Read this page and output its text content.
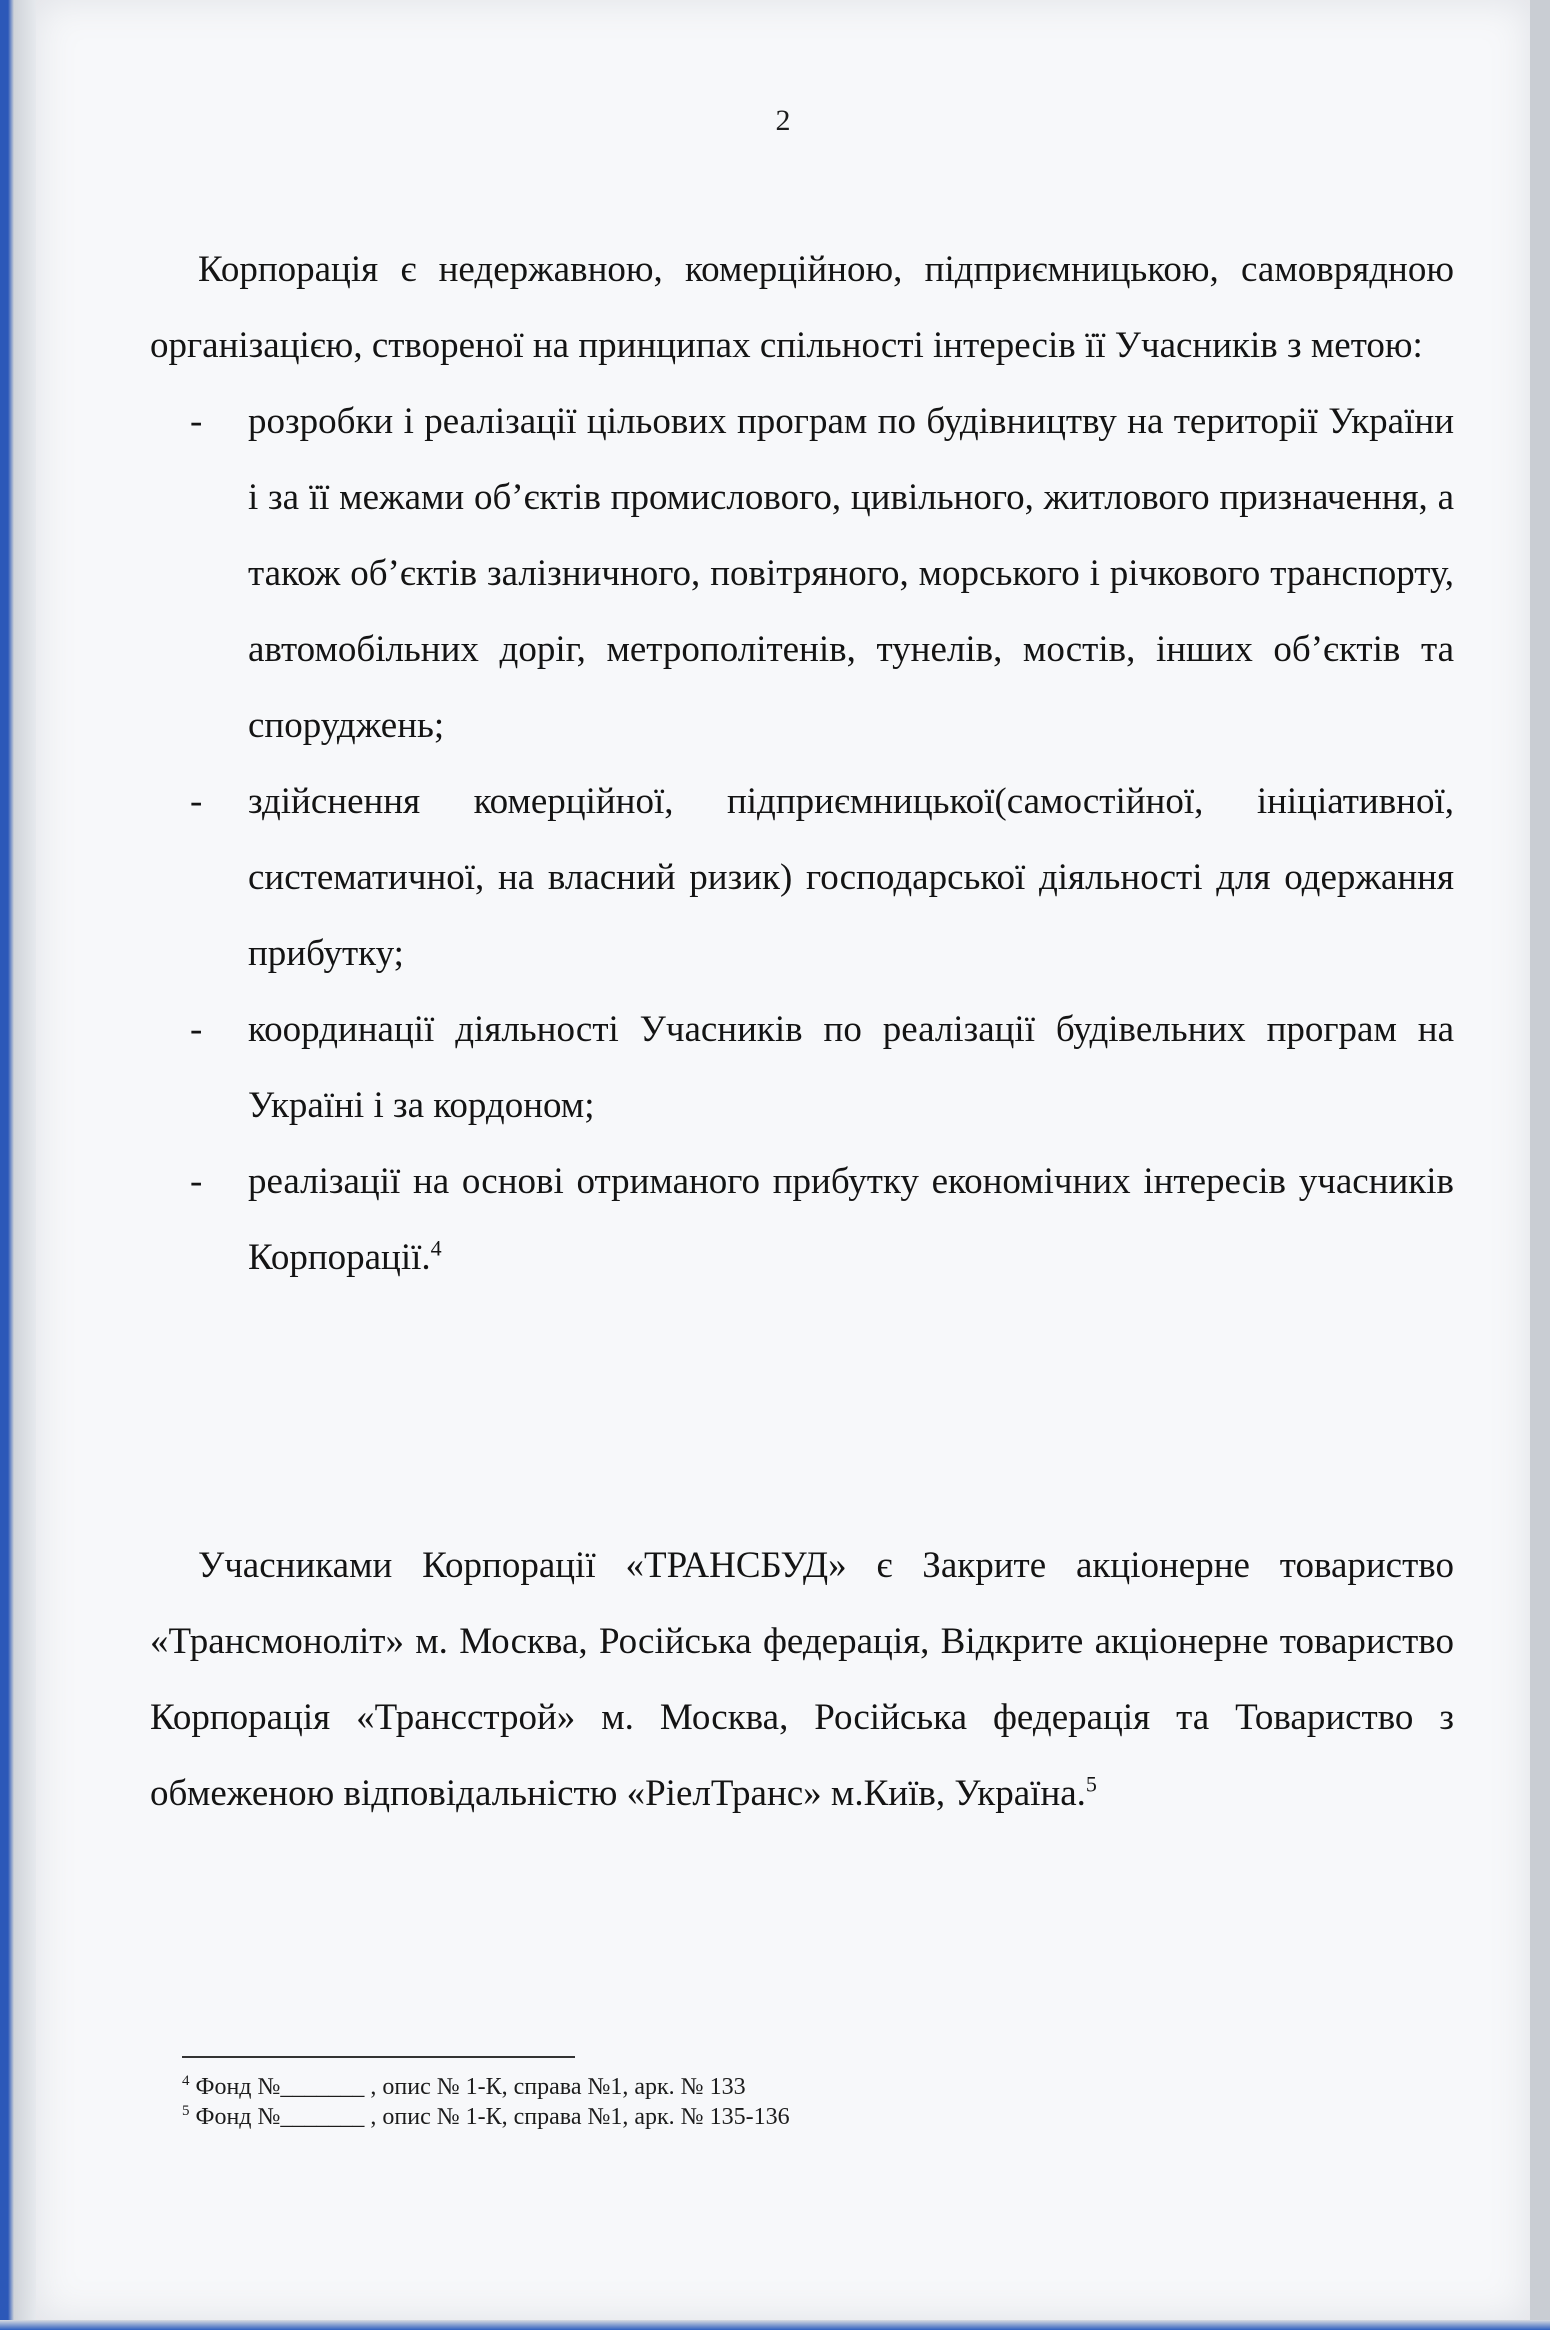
2

Корпорація є недержавною, комерційною, підприємницькою, самоврядною організацією, створеної на принципах спільності інтересів її Учасників з метою:

- розробки і реалізації цільових програм по будівництву на території України і за її межами об’єктів промислового, цивільного, житлового призначення, а також об’єктів залізничного, повітряного, морського і річкового транспорту, автомобільних доріг, метрополітенів, тунелів, мостів, інших об’єктів та споруджень;
- здійснення комерційної, підприємницької(самостійної, ініціативної, систематичної, на власний ризик) господарської діяльності для одержання прибутку;
- координації діяльності Учасників по реалізації будівельних програм на Україні і за кордоном;
- реалізації на основі отриманого прибутку економічних інтересів учасників Корпорації.$^4$

Учасниками Корпорації «ТРАНСБУД» є Закрите акціонерне товариство «Трансмоноліт» м. Москва, Російська федерація, Відкрите акціонерне товариство Корпорація «Трансстрой» м. Москва, Російська федерація та Товариство з обмеженою відповідальністю «РіелТранс» м.Київ, Україна.$^5$

$^4$ Фонд №_______ , опис № 1-К, справа №1, арк. № 133
$^5$ Фонд №_______ , опис № 1-К, справа №1, арк. № 135-136
